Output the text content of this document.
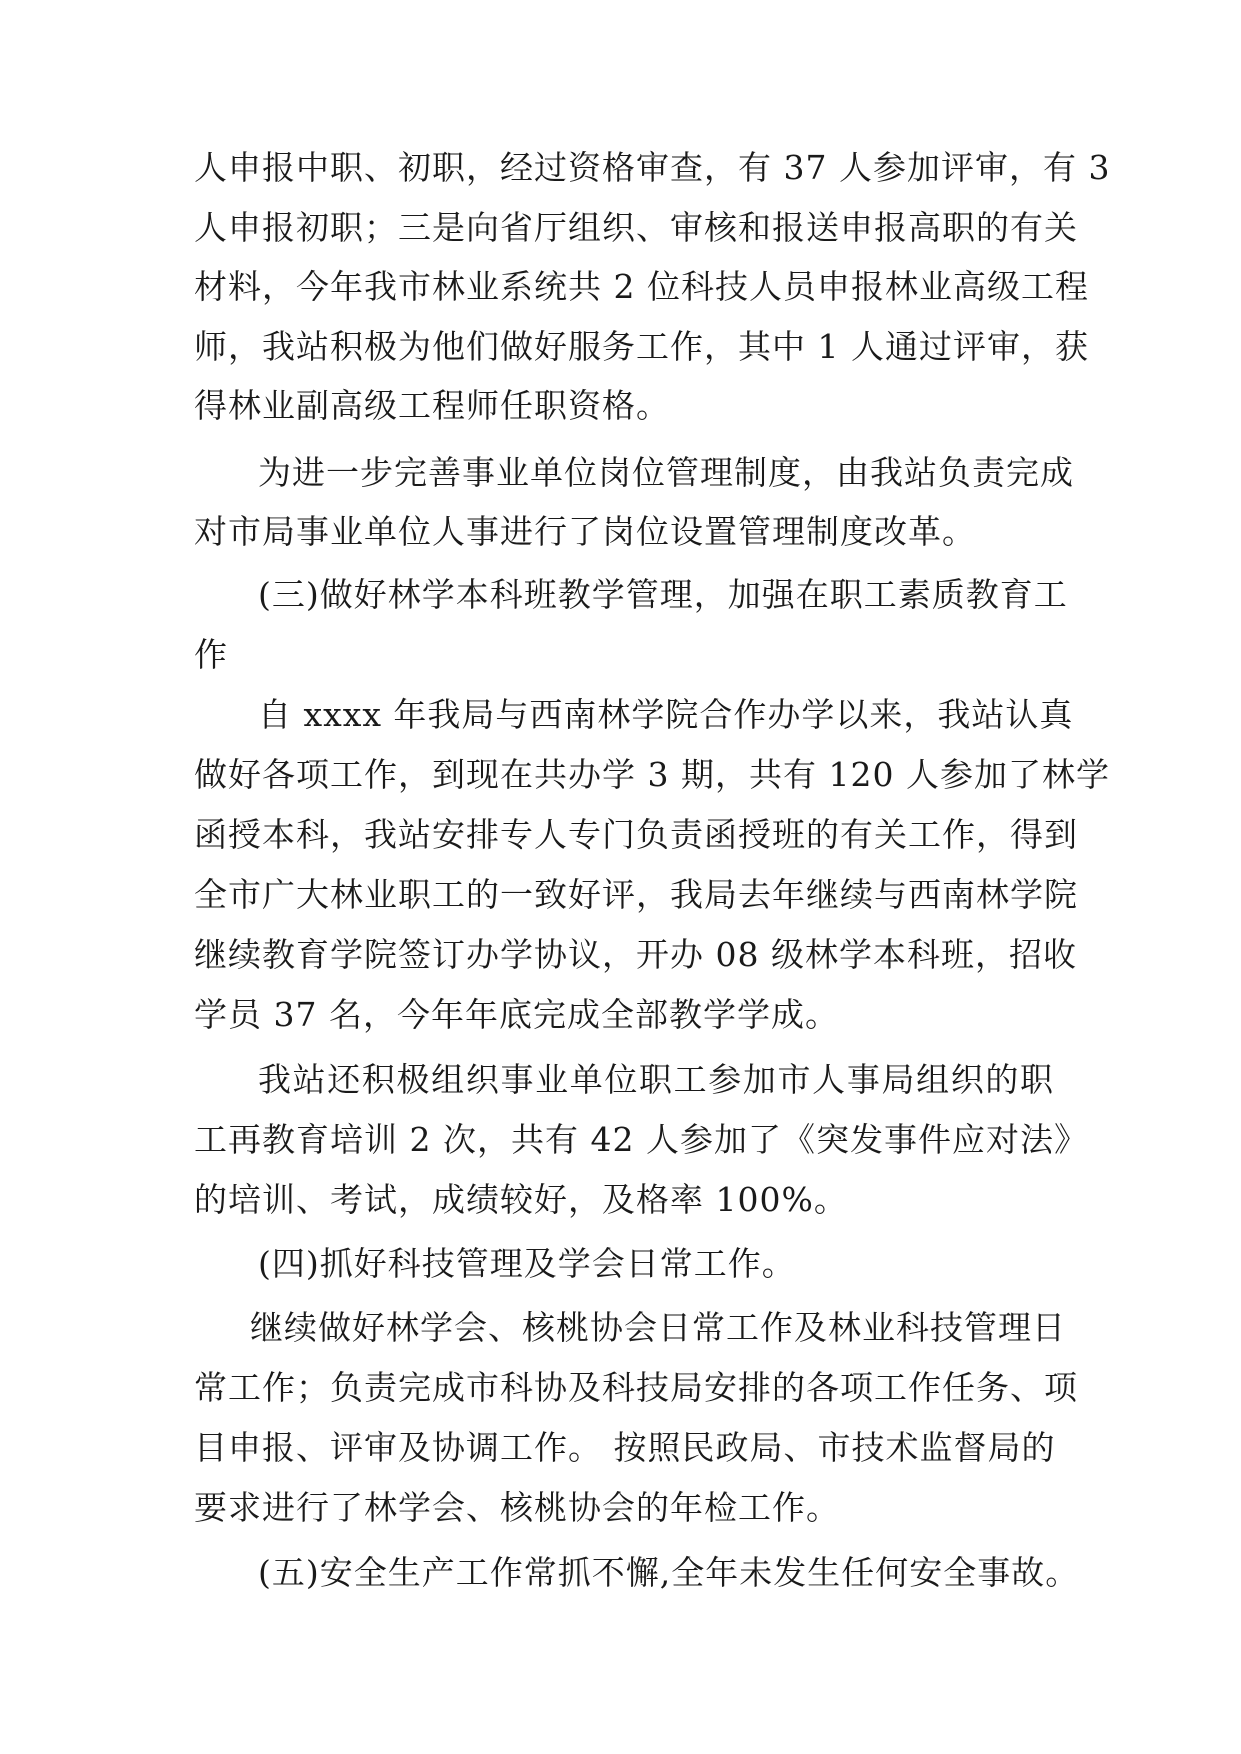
人申报中职、初职，经过资格审查，有 37 人参加评审，有 3
人申报初职；三是向省厅组织、审核和报送申报高职的有关
材料，今年我市林业系统共 2 位科技人员申报林业高级工程
师，我站积极为他们做好服务工作，其中 1 人通过评审，获
得林业副高级工程师任职资格。
为进一步完善事业单位岗位管理制度，由我站负责完成
对市局事业单位人事进行了岗位设置管理制度改革。
(三)做好林学本科班教学管理，加强在职工素质教育工
作
自 xxxx 年我局与西南林学院合作办学以来，我站认真
做好各项工作，到现在共办学 3 期，共有 120 人参加了林学
函授本科，我站安排专人专门负责函授班的有关工作，得到
全市广大林业职工的一致好评，我局去年继续与西南林学院
继续教育学院签订办学协议，开办 08 级林学本科班，招收
学员 37 名，今年年底完成全部教学学成。
我站还积极组织事业单位职工参加市人事局组织的职
工再教育培训 2 次，共有 42 人参加了《突发事件应对法》
的培训、考试，成绩较好，及格率 100%。
(四)抓好科技管理及学会日常工作。
继续做好林学会、核桃协会日常工作及林业科技管理日
常工作；负责完成市科协及科技局安排的各项工作任务、项
目申报、评审及协调工作。 按照民政局、市技术监督局的
要求进行了林学会、核桃协会的年检工作。
(五)安全生产工作常抓不懈,全年未发生任何安全事故。
